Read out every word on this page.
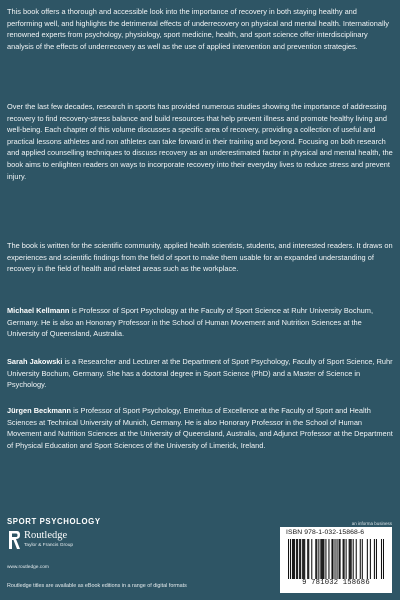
This book offers a thorough and accessible look into the importance of recovery in both staying healthy and performing well, and highlights the detrimental effects of underrecovery on physical and mental health. Internationally renowned experts from psychology, physiology, sport medicine, health, and sport science offer interdisciplinary analysis of the effects of underrecovery as well as the use of applied intervention and prevention strategies.

Over the last few decades, research in sports has provided numerous studies showing the importance of addressing recovery to find recovery-stress balance and build resources that help prevent illness and promote healthy living and well-being. Each chapter of this volume discusses a specific area of recovery, providing a collection of useful and practical lessons athletes and non athletes can take forward in their training and beyond. Focusing on both research and applied counselling techniques to discuss recovery as an underestimated factor in physical and mental health, the book aims to enlighten readers on ways to incorporate recovery into their everyday lives to reduce stress and prevent injury.

The book is written for the scientific community, applied health scientists, students, and interested readers. It draws on experiences and scientific findings from the field of sport to make them usable for an expanded understanding of recovery in the field of health and related areas such as the workplace.

Michael Kellmann is Professor of Sport Psychology at the Faculty of Sport Science at Ruhr University Bochum, Germany. He is also an Honorary Professor in the School of Human Movement and Nutrition Sciences at the University of Queensland, Australia.

Sarah Jakowski is a Researcher and Lecturer at the Department of Sport Psychology, Faculty of Sport Science, Ruhr University Bochum, Germany. She has a doctoral degree in Sport Science (PhD) and a Master of Science in Psychology.

Jürgen Beckmann is Professor of Sport Psychology, Emeritus of Excellence at the Faculty of Sport and Health Sciences at Technical University of Munich, Germany. He is also Honorary Professor in the School of Human Movement and Nutrition Sciences at the University of Queensland, Australia, and Adjunct Professor at the Department of Physical Education and Sport Sciences of the University of Limerick, Ireland.

SPORT PSYCHOLOGY	an informa business
Routledge
Taylor & Francis Group
www.routledge.com
Routledge titles are available as eBook editions in a range of digital formats
ISBN 978-1-032-15868-6
9 781032 158686
